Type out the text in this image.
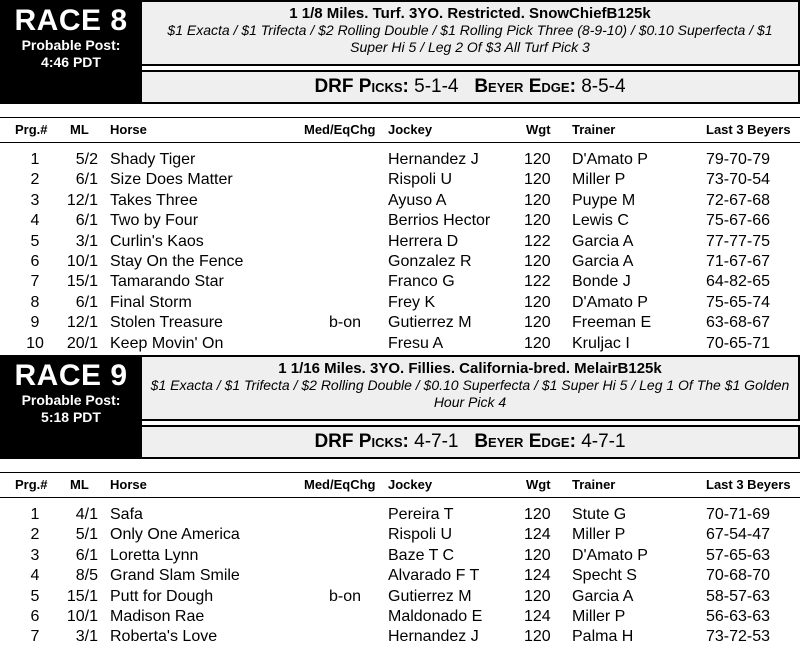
RACE 8
Probable Post:
4:46 PDT
1 1/8 Miles. Turf. 3YO. Restricted. SnowChiefB125k
$1 Exacta / $1 Trifecta / $2 Rolling Double / $1 Rolling Pick Three (8-9-10) / $0.10 Superfecta / $1 Super Hi 5 / Leg 2 Of $3 All Turf Pick 3
DRF Picks: 5-1-4 Beyer Edge: 8-5-4
Prg.# ML Horse	Med/EqChg Jockey	Wgt Trainer	Last 3 Beyers
1	5/2 Shady Tiger	Hernandez J	120 D'Amato P	79-70-79
2	6/1 Size Does Matter	Rispoli U	120 Miller P	73-70-54
3	12/1 Takes Three	Ayuso A	120 Puype M	72-67-68
4	6/1 Two by Four	Berrios Hector 120 Lewis C	75-67-66
5	3/1 Curlin's Kaos	Herrera D	122 Garcia A	77-77-75
6	10/1 Stay On the Fence	Gonzalez R	120 Garcia A	71-67-67
7	15/1 Tamarando Star	Franco G	122 Bonde J	64-82-65
8	6/1 Final Storm	Frey K	120 D'Amato P	75-65-74
9	12/1 Stolen Treasure	b-on	Gutierrez M	120 Freeman E	63-68-67
10	20/1 Keep Movin' On	Fresu A	120 Kruljac I	70-65-71
RACE 9
Probable Post:
5:18 PDT
1 1/16 Miles. 3YO. Fillies. California-bred. MelairB125k
$1 Exacta / $1 Trifecta / $2 Rolling Double / $0.10 Superfecta / $1 Super Hi 5 / Leg 1 Of The $1 Golden Hour Pick 4
DRF Picks: 4-7-1 Beyer Edge: 4-7-1
Prg.# ML Horse	Med/EqChg Jockey	Wgt Trainer	Last 3 Beyers
1	4/1 Safa	Pereira T	120 Stute G	70-71-69
2	5/1 Only One America	Rispoli U	124 Miller P	67-54-47
3	6/1 Loretta Lynn	Baze T C	120 D'Amato P	57-65-63
4	8/5 Grand Slam Smile	Alvarado F T	124 Specht S	70-68-70
5	15/1 Putt for Dough	b-on	Gutierrez M	120 Garcia A	58-57-63
6	10/1 Madison Rae	Maldonado E	124 Miller P	56-63-63
7	3/1 Roberta's Love	Hernandez J	120 Palma H	73-72-53
